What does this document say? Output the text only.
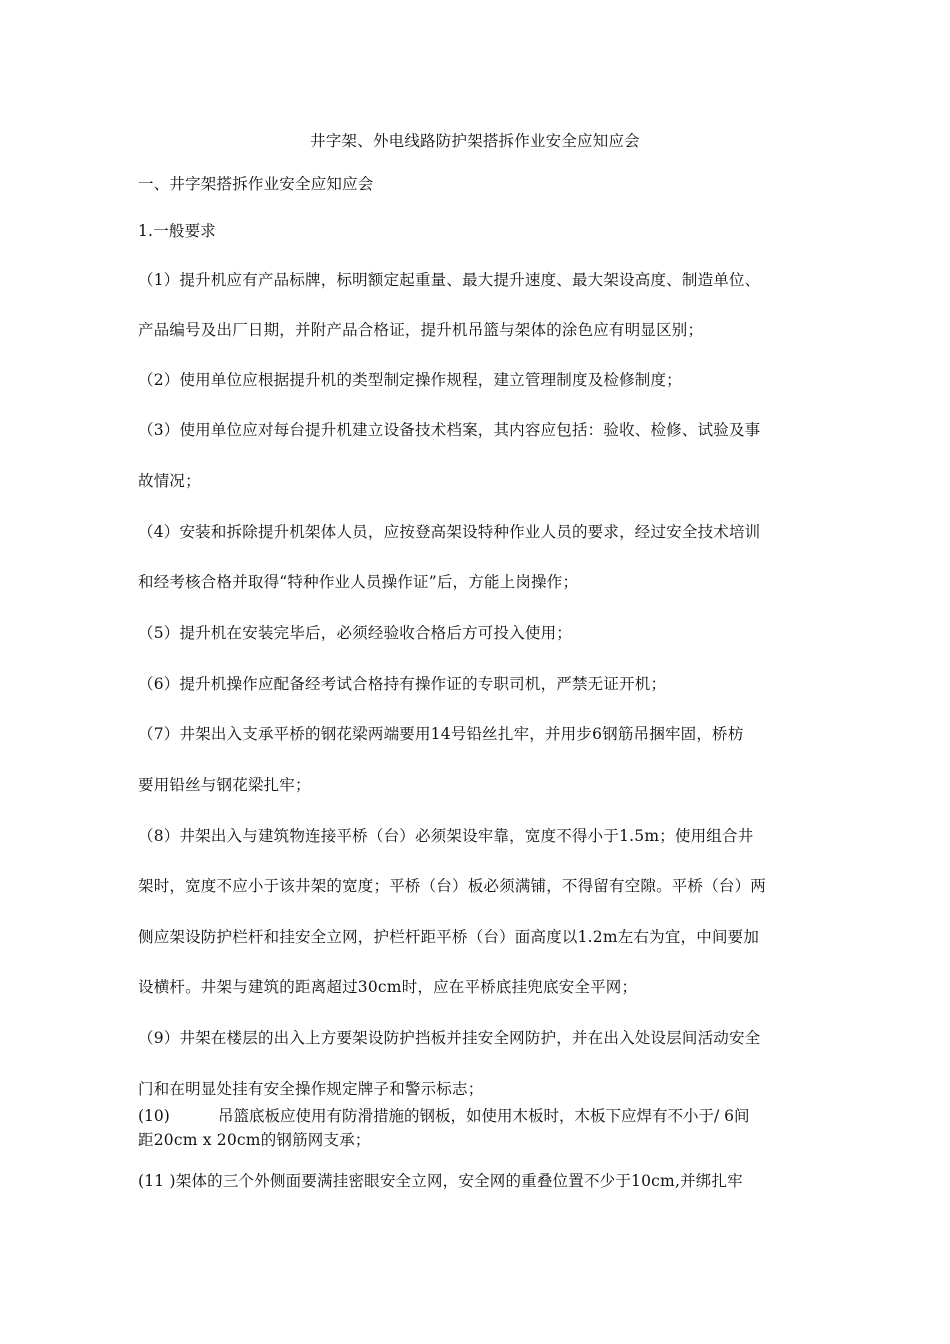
井字架、外电线路防护架搭拆作业安全应知应会
一、井字架搭拆作业安全应知应会
1.一般要求
（1）提升机应有产品标牌，标明额定起重量、最大提升速度、最大架设高度、制造单位、
产品编号及出厂日期，并附产品合格证，提升机吊篮与架体的涂色应有明显区别；
（2）使用单位应根据提升机的类型制定操作规程，建立管理制度及检修制度；
（3）使用单位应对每台提升机建立设备技术档案，其内容应包括：验收、检修、试验及事
故情况；
（4）安装和拆除提升机架体人员，应按登高架设特种作业人员的要求，经过安全技术培训
和经考核合格并取得“特种作业人员操作证”后，方能上岗操作；
（5）提升机在安装完毕后，必须经验收合格后方可投入使用；
（6）提升机操作应配备经考试合格持有操作证的专职司机，严禁无证开机；
（7）井架出入支承平桥的钢花梁两端要用14号铅丝扎牢，并用步6钢筋吊捆牢固，桥枋
要用铅丝与钢花梁扎牢；
（8）井架出入与建筑物连接平桥（台）必须架设牢靠，宽度不得小于1.5m；使用组合井
架时，宽度不应小于该井架的宽度；平桥（台）板必须满铺，不得留有空隙。平桥（台）两
侧应架设防护栏杆和挂安全立网，护栏杆距平桥（台）面高度以1.2m左右为宜，中间要加
设横杆。井架与建筑的距离超过30cm时，应在平桥底挂兜底安全平网；
（9）井架在楼层的出入上方要架设防护挡板并挂安全网防护，并在出入处设层间活动安全
门和在明显处挂有安全操作规定牌子和警示标志；
(10)	吊篮底板应使用有防滑措施的钢板，如使用木板时，木板下应焊有不小于/ 6间
距20cm x 20cm的钢筋网支承；
(11 )架体的三个外侧面要满挂密眼安全立网，安全网的重叠位置不少于10cm,并绑扎牢
